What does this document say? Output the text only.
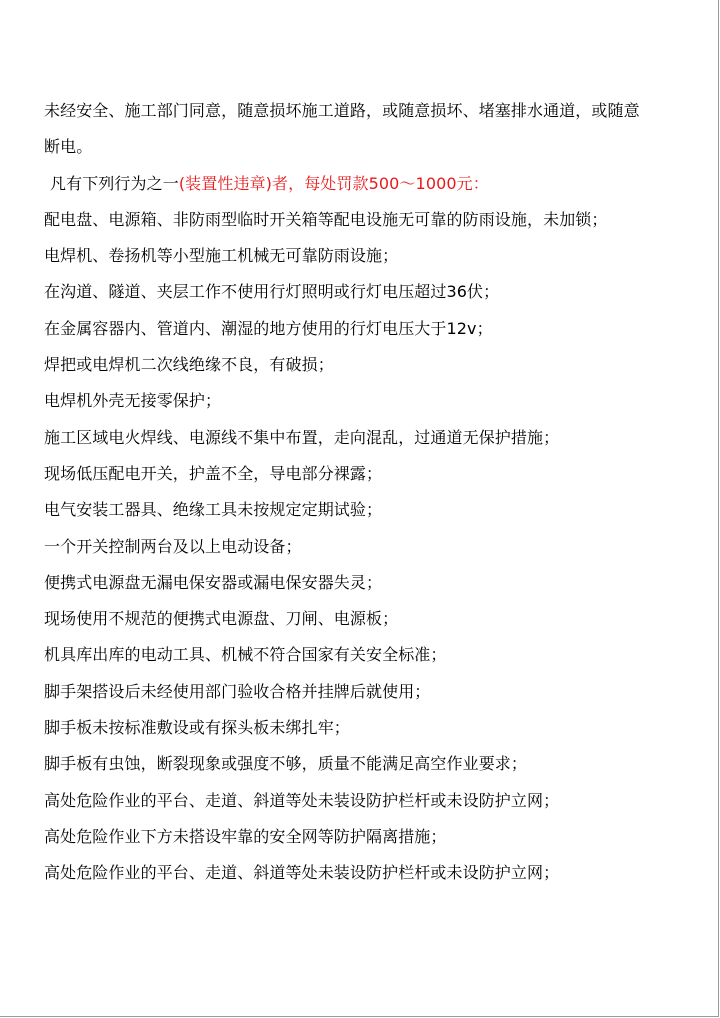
未经安全、施工部门同意，随意损坏施工道路，或随意损坏、堵塞排水通道，或随意
断电。
凡有下列行为之一(装置性违章)者，每处罚款500～1000元：
配电盘、电源箱、非防雨型临时开关箱等配电设施无可靠的防雨设施，未加锁；
电焊机、卷扬机等小型施工机械无可靠防雨设施；
在沟道、隧道、夹层工作不使用行灯照明或行灯电压超过36伏；
在金属容器内、管道内、潮湿的地方使用的行灯电压大于12v；
焊把或电焊机二次线绝缘不良，有破损；
电焊机外壳无接零保护；
施工区域电火焊线、电源线不集中布置，走向混乱，过通道无保护措施；
现场低压配电开关，护盖不全，导电部分裸露；
电气安装工器具、绝缘工具未按规定定期试验；
一个开关控制两台及以上电动设备；
便携式电源盘无漏电保安器或漏电保安器失灵；
现场使用不规范的便携式电源盘、刀闸、电源板；
机具库出库的电动工具、机械不符合国家有关安全标准；
脚手架搭设后未经使用部门验收合格并挂牌后就使用；
脚手板未按标准敷设或有探头板未绑扎牢；
脚手板有虫蚀，断裂现象或强度不够，质量不能满足高空作业要求；
高处危险作业的平台、走道、斜道等处未装设防护栏杆或未设防护立网；
高处危险作业下方未搭设牢靠的安全网等防护隔离措施；
高处危险作业的平台、走道、斜道等处未装设防护栏杆或未设防护立网；
